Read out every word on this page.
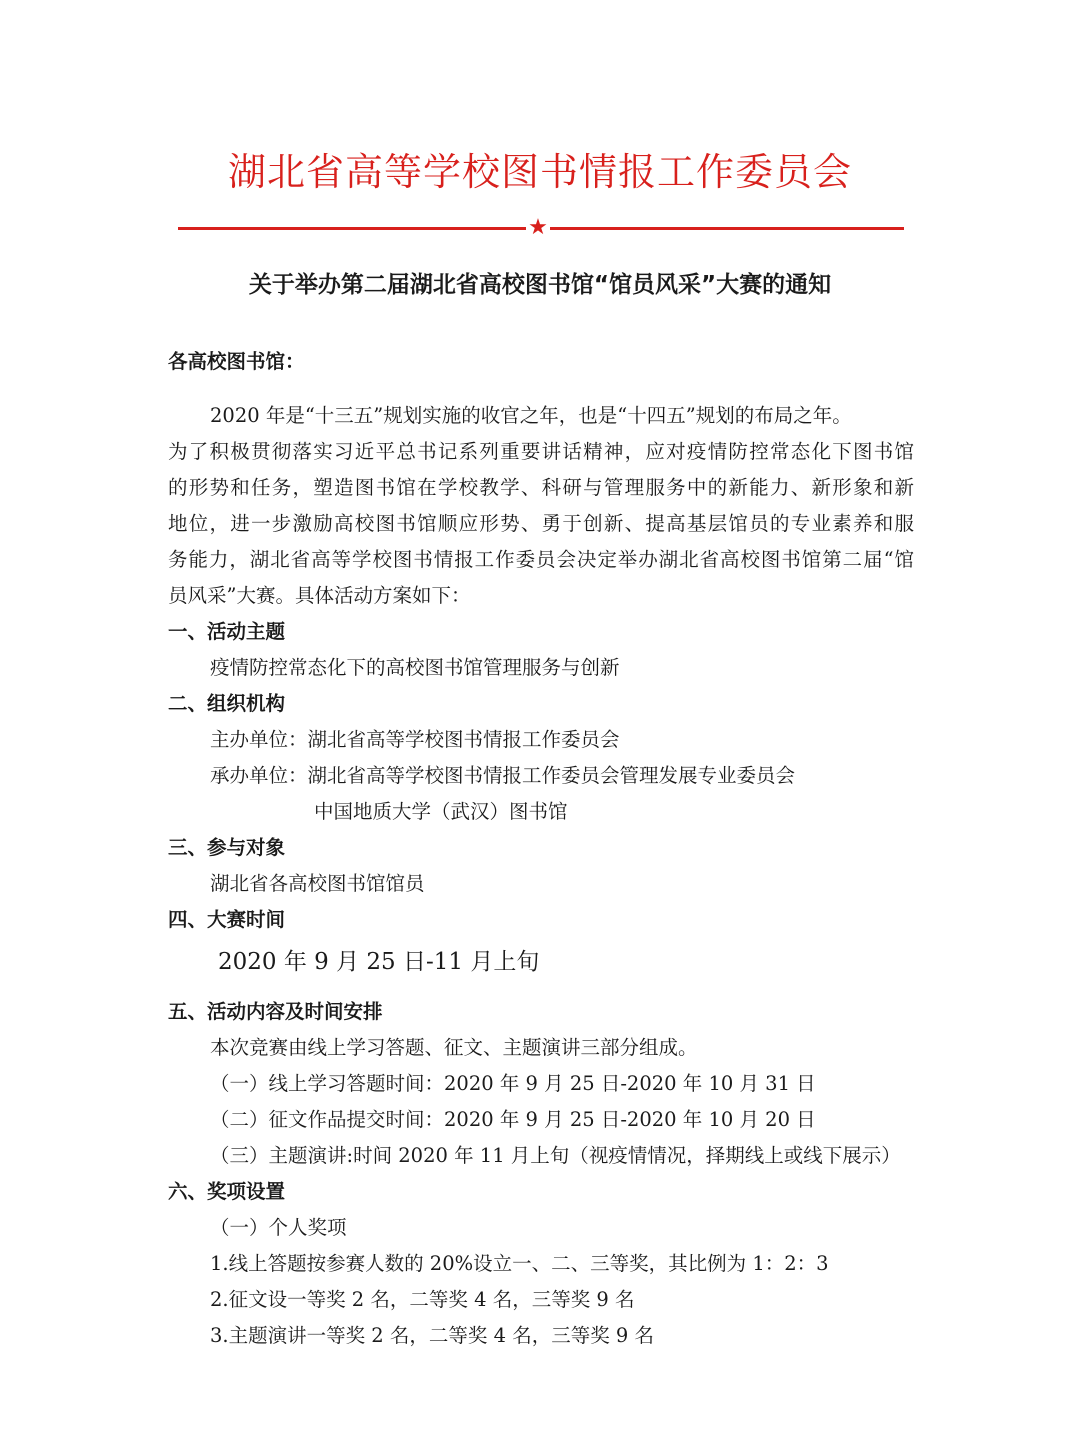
湖北省高等学校图书情报工作委员会
★
关于举办第二届湖北省高校图书馆“馆员风采”大赛的通知
各高校图书馆：
2020 年是“十三五”规划实施的收官之年，也是“十四五”规划的布局之年。
为了积极贯彻落实习近平总书记系列重要讲话精神，应对疫情防控常态化下图书馆
的形势和任务，塑造图书馆在学校教学、科研与管理服务中的新能力、新形象和新
地位，进一步激励高校图书馆顺应形势、勇于创新、提高基层馆员的专业素养和服
务能力，湖北省高等学校图书情报工作委员会决定举办湖北省高校图书馆第二届“馆
员风采”大赛。具体活动方案如下：
一、活动主题
疫情防控常态化下的高校图书馆管理服务与创新
二、组织机构
主办单位：湖北省高等学校图书情报工作委员会
承办单位：湖北省高等学校图书情报工作委员会管理发展专业委员会
中国地质大学（武汉）图书馆
三、参与对象
湖北省各高校图书馆馆员
四、大赛时间
2020 年 9 月 25 日-11 月上旬
五、活动内容及时间安排
本次竞赛由线上学习答题、征文、主题演讲三部分组成。
（一）线上学习答题时间：2020 年 9 月 25 日-2020 年 10 月 31 日
（二）征文作品提交时间：2020 年 9 月 25 日-2020 年 10 月 20 日
（三）主题演讲:时间 2020 年 11 月上旬（视疫情情况，择期线上或线下展示）
六、奖项设置
（一）个人奖项
1.线上答题按参赛人数的 20%设立一、二、三等奖，其比例为 1：2：3
2.征文设一等奖 2 名，二等奖 4 名，三等奖 9 名
3.主题演讲一等奖 2 名，二等奖 4 名，三等奖 9 名
